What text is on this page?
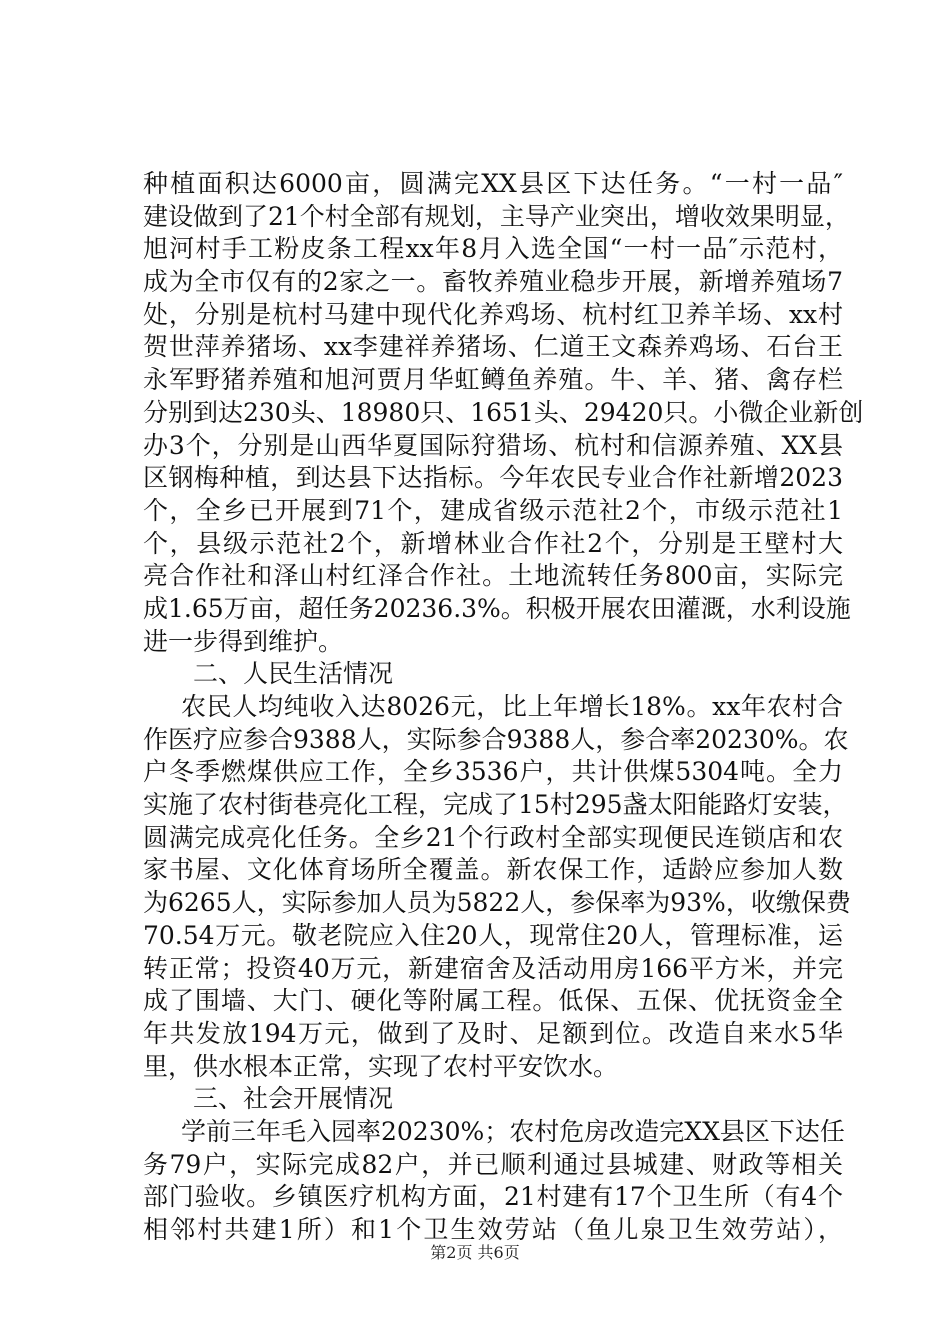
种植面积达6000亩，圆满完XX县区下达任务。“一村一品″
建设做到了21个村全部有规划，主导产业突出，增收效果明显，
旭河村手工粉皮条工程xx年8月入选全国“一村一品″示范村，
成为全市仅有的2家之一。畜牧养殖业稳步开展，新增养殖场7
处，分别是杭村马建中现代化养鸡场、杭村红卫养羊场、xx村
贺世萍养猪场、xx李建祥养猪场、仁道王文森养鸡场、石台王
永军野猪养殖和旭河贾月华虹鳟鱼养殖。牛、羊、猪、禽存栏
分别到达230头、18980只、1651头、29420只。小微企业新创
办3个，分别是山西华夏国际狩猎场、杭村和信源养殖、XX县
区钢梅种植，到达县下达指标。今年农民专业合作社新增2023
个，全乡已开展到71个，建成省级示范社2个，市级示范社1
个，县级示范社2个，新增林业合作社2个，分别是王壁村大
亮合作社和泽山村红泽合作社。土地流转任务800亩，实际完
成1.65万亩，超任务20236.3%。积极开展农田灌溉，水利设施
进一步得到维护。
二、人民生活情况
农民人均纯收入达8026元，比上年增长18%。xx年农村合
作医疗应参合9388人，实际参合9388人，参合率20230%。农
户冬季燃煤供应工作，全乡3536户，共计供煤5304吨。全力
实施了农村街巷亮化工程，完成了15村295盏太阳能路灯安装，
圆满完成亮化任务。全乡21个行政村全部实现便民连锁店和农
家书屋、文化体育场所全覆盖。新农保工作，适龄应参加人数
为6265人，实际参加人员为5822人，参保率为93%，收缴保费
70.54万元。敬老院应入住20人，现常住20人，管理标准，运
转正常；投资40万元，新建宿舍及活动用房166平方米，并完
成了围墙、大门、硬化等附属工程。低保、五保、优抚资金全
年共发放194万元，做到了及时、足额到位。改造自来水5华
里，供水根本正常，实现了农村平安饮水。
三、社会开展情况
学前三年毛入园率20230%；农村危房改造完XX县区下达任
务79户，实际完成82户，并已顺利通过县城建、财政等相关
部门验收。乡镇医疗机构方面，21村建有17个卫生所（有4个
相邻村共建1所）和1个卫生效劳站（鱼儿泉卫生效劳站），
第2页 共6页
